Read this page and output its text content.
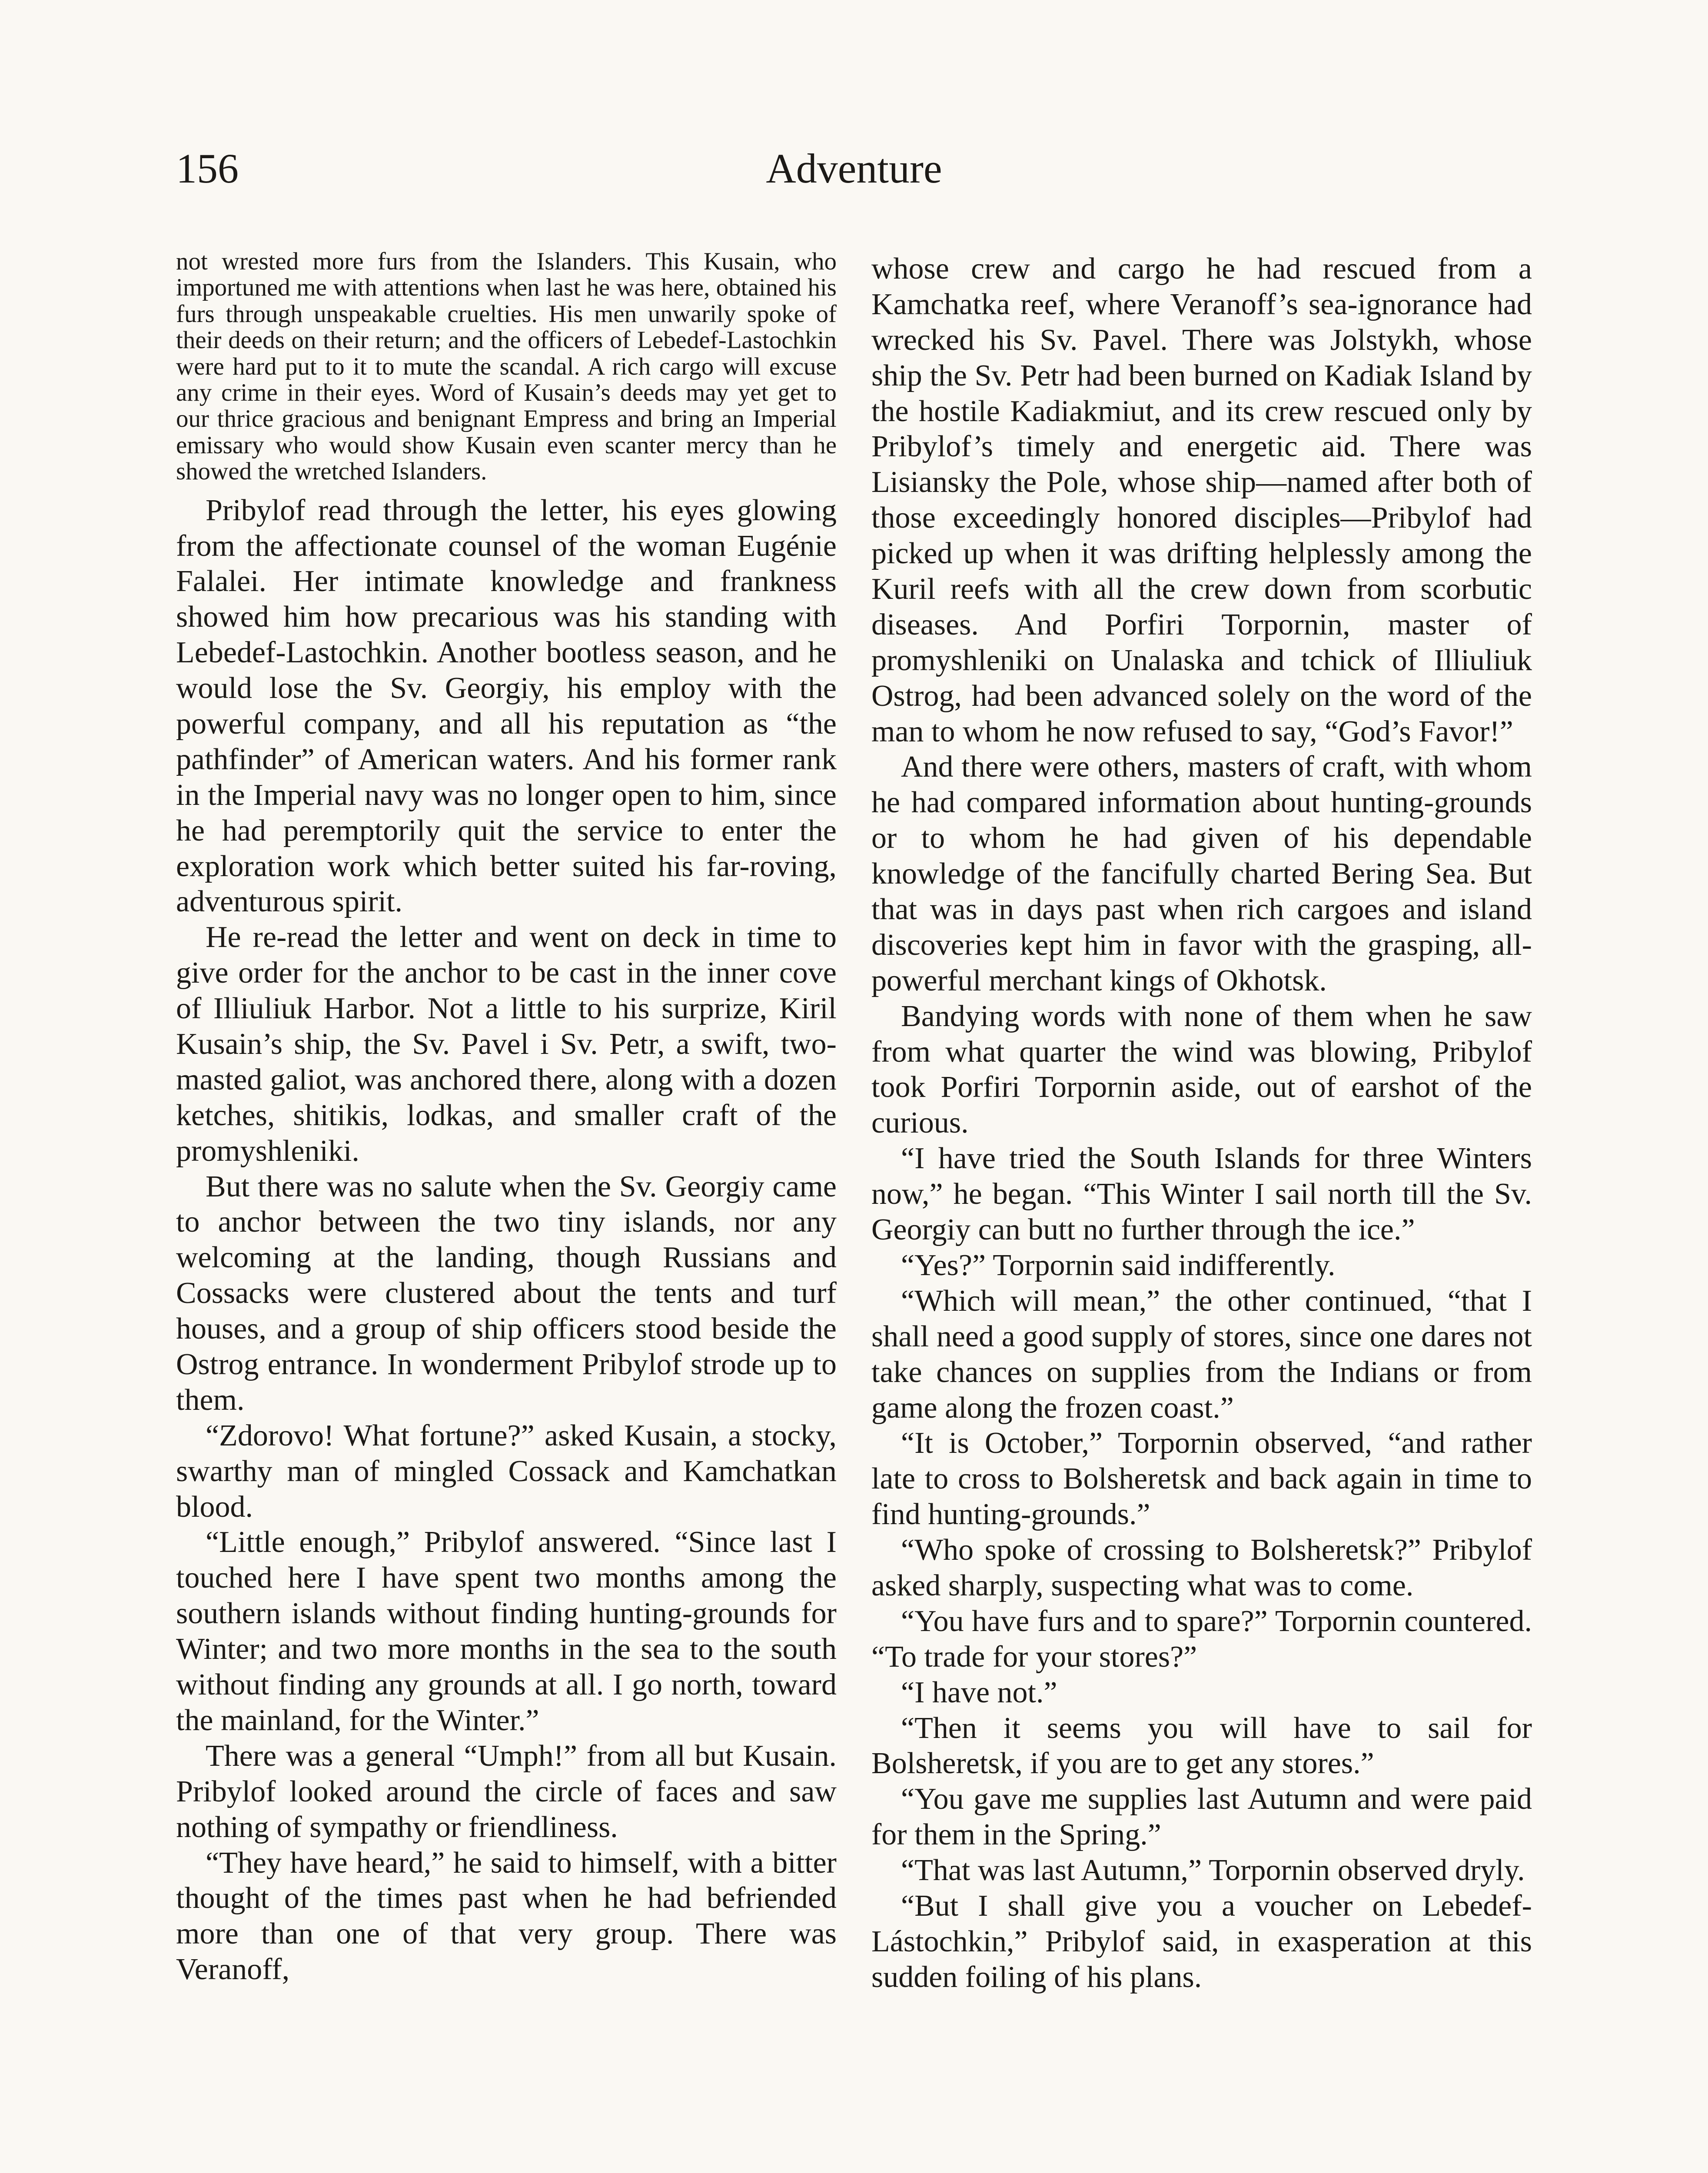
156	Adventure

not wrested more furs from the Islanders. This Kusain, who importuned me with attentions when last he was here, obtained his furs through unspeakable cruelties. His men unwarily spoke of their deeds on their return; and the officers of Lebedef-Lastochkin were hard put to it to mute the scandal. A rich cargo will excuse any crime in their eyes. Word of Kusain’s deeds may yet get to our thrice gracious and benignant Empress and bring an Imperial emissary who would show Kusain even scanter mercy than he showed the wretched Islanders.

Pribylof read through the letter, his eyes glowing from the affectionate counsel of the woman Eugénie Falalei. Her intimate knowledge and frankness showed him how precarious was his standing with Lebedef-Lastochkin. Another bootless season, and he would lose the Sv. Georgiy, his employ with the powerful company, and all his reputation as “the pathfinder” of American waters. And his former rank in the Imperial navy was no longer open to him, since he had peremptorily quit the service to enter the exploration work which better suited his far-roving, adventurous spirit.

He re-read the letter and went on deck in time to give order for the anchor to be cast in the inner cove of Illiuliuk Harbor. Not a little to his surprize, Kiril Kusain’s ship, the Sv. Pavel i Sv. Petr, a swift, two-masted galiot, was anchored there, along with a dozen ketches, shitikis, lodkas, and smaller craft of the promyshleniki.

But there was no salute when the Sv. Georgiy came to anchor between the two tiny islands, nor any welcoming at the landing, though Russians and Cossacks were clustered about the tents and turf houses, and a group of ship officers stood beside the Ostrog entrance. In wonderment Pribylof strode up to them.

“Zdorovo! What fortune?” asked Kusain, a stocky, swarthy man of mingled Cossack and Kamchatkan blood.

“Little enough,” Pribylof answered. “Since last I touched here I have spent two months among the southern islands without finding hunting-grounds for Winter; and two more months in the sea to the south without finding any grounds at all. I go north, toward the mainland, for the Winter.”

There was a general “Umph!” from all but Kusain. Pribylof looked around the circle of faces and saw nothing of sympathy or friendliness.

“They have heard,” he said to himself, with a bitter thought of the times past when he had befriended more than one of that very group. There was Veranoff,

whose crew and cargo he had rescued from a Kamchatka reef, where Veranoff’s sea-ignorance had wrecked his Sv. Pavel. There was Jolstykh, whose ship the Sv. Petr had been burned on Kadiak Island by the hostile Kadiakmiut, and its crew rescued only by Pribylof’s timely and energetic aid. There was Lisiansky the Pole, whose ship—named after both of those exceedingly honored disciples—Pribylof had picked up when it was drifting helplessly among the Kuril reefs with all the crew down from scorbutic diseases. And Porfiri Torpornin, master of promyshleniki on Unalaska and tchick of Illiuliuk Ostrog, had been advanced solely on the word of the man to whom he now refused to say, “God’s Favor!”

And there were others, masters of craft, with whom he had compared information about hunting-grounds or to whom he had given of his dependable knowledge of the fancifully charted Bering Sea. But that was in days past when rich cargoes and island discoveries kept him in favor with the grasping, all-powerful merchant kings of Okhotsk.

Bandying words with none of them when he saw from what quarter the wind was blowing, Pribylof took Porfiri Torpornin aside, out of earshot of the curious.

“I have tried the South Islands for three Winters now,” he began. “This Winter I sail north till the Sv. Georgiy can butt no further through the ice.”

“Yes?” Torpornin said indifferently.

“Which will mean,” the other continued, “that I shall need a good supply of stores, since one dares not take chances on supplies from the Indians or from game along the frozen coast.”

“It is October,” Torpornin observed, “and rather late to cross to Bolsheretsk and back again in time to find hunting-grounds.”

“Who spoke of crossing to Bolsheretsk?” Pribylof asked sharply, suspecting what was to come.

“You have furs and to spare?” Torpornin countered. “To trade for your stores?”

“I have not.”

“Then it seems you will have to sail for Bolsheretsk, if you are to get any stores.”

“You gave me supplies last Autumn and were paid for them in the Spring.”

“That was last Autumn,” Torpornin observed dryly.

“But I shall give you a voucher on Lebedef-Lástochkin,” Pribylof said, in exasperation at this sudden foiling of his plans.
